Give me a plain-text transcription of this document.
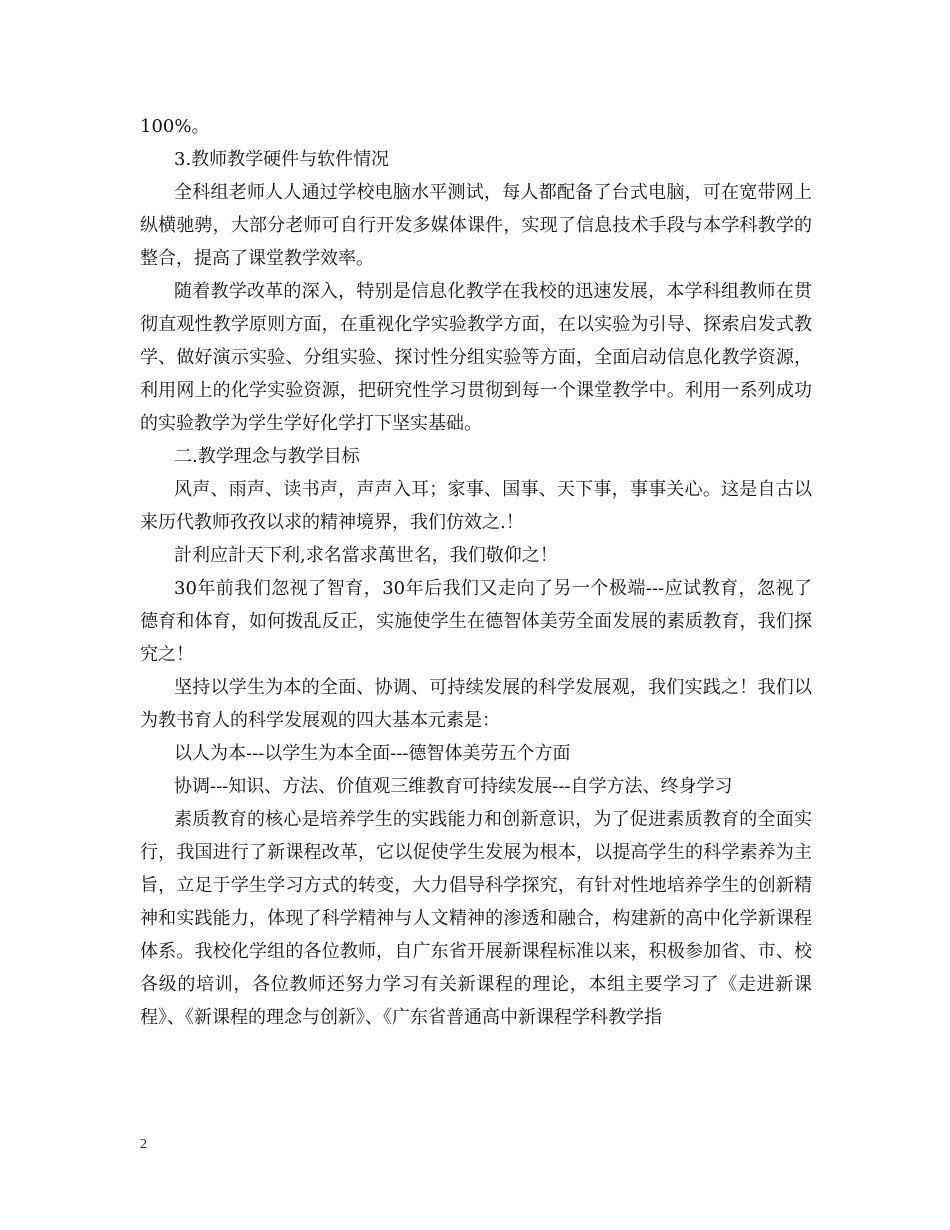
100%。

3.教师教学硬件与软件情况

全科组老师人人通过学校电脑水平测试，每人都配备了台式电脑，可在宽带网上纵横驰骋，大部分老师可自行开发多媒体课件，实现了信息技术手段与本学科教学的整合，提高了课堂教学效率。

随着教学改革的深入，特别是信息化教学在我校的迅速发展，本学科组教师在贯彻直观性教学原则方面，在重视化学实验教学方面，在以实验为引导、探索启发式教学、做好演示实验、分组实验、探讨性分组实验等方面，全面启动信息化教学资源，利用网上的化学实验资源，把研究性学习贯彻到每一个课堂教学中。利用一系列成功的实验教学为学生学好化学打下坚实基础。

二.教学理念与教学目标

风声、雨声、读书声，声声入耳；家事、国事、天下事，事事关心。这是自古以来历代教师孜孜以求的精神境界，我们仿效之.！

計利应計天下利,求名當求萬世名，我们敬仰之！

30年前我们忽视了智育，30年后我们又走向了另一个极端---应试教育，忽视了德育和体育，如何拨乱反正，实施使学生在德智体美劳全面发展的素质教育，我们探究之！

坚持以学生为本的全面、协调、可持续发展的科学发展观，我们实践之！我们以为教书育人的科学发展观的四大基本元素是：

以人为本---以学生为本全面---德智体美劳五个方面

协调---知识、方法、价值观三维教育可持续发展---自学方法、终身学习

素质教育的核心是培养学生的实践能力和创新意识，为了促进素质教育的全面实行，我国进行了新课程改革，它以促使学生发展为根本，以提高学生的科学素养为主旨，立足于学生学习方式的转变，大力倡导科学探究，有针对性地培养学生的创新精神和实践能力，体现了科学精神与人文精神的渗透和融合，构建新的高中化学新课程体系。我校化学组的各位教师，自广东省开展新课程标准以来，积极参加省、市、校各级的培训，各位教师还努力学习有关新课程的理论，本组主要学习了《走进新课程》、《新课程的理念与创新》、《广东省普通高中新课程学科教学指

2
